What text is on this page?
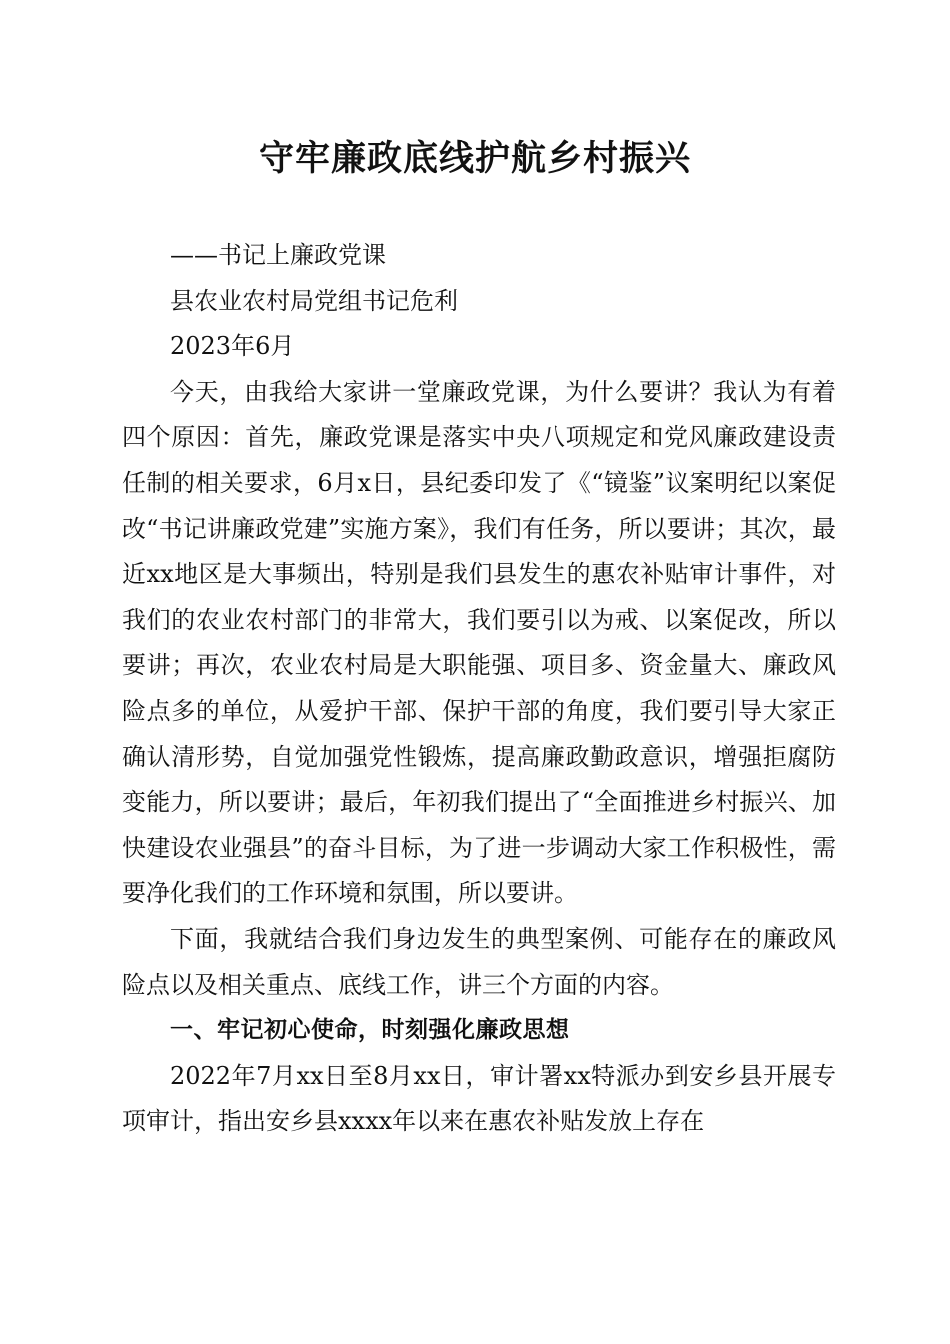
守牢廉政底线护航乡村振兴

——书记上廉政党课

县农业农村局党组书记危利

2023年6月

今天，由我给大家讲一堂廉政党课，为什么要讲？我认为有着四个原因：首先，廉政党课是落实中央八项规定和党风廉政建设责任制的相关要求，6月x日，县纪委印发了《“镜鉴”议案明纪以案促改“书记讲廉政党建”实施方案》，我们有任务，所以要讲；其次，最近xx地区是大事频出，特别是我们县发生的惠农补贴审计事件，对我们的农业农村部门的非常大，我们要引以为戒、以案促改，所以要讲；再次，农业农村局是大职能强、项目多、资金量大、廉政风险点多的单位，从爱护干部、保护干部的角度，我们要引导大家正确认清形势，自觉加强党性锻炼，提高廉政勤政意识，增强拒腐防变能力，所以要讲；最后，年初我们提出了“全面推进乡村振兴、加快建设农业强县”的奋斗目标，为了进一步调动大家工作积极性，需要净化我们的工作环境和氛围，所以要讲。

下面，我就结合我们身边发生的典型案例、可能存在的廉政风险点以及相关重点、底线工作，讲三个方面的内容。

一、牢记初心使命，时刻强化廉政思想

2022年7月xx日至8月xx日，审计署xx特派办到安乡县开展专项审计，指出安乡县xxxx年以来在惠农补贴发放上存在
